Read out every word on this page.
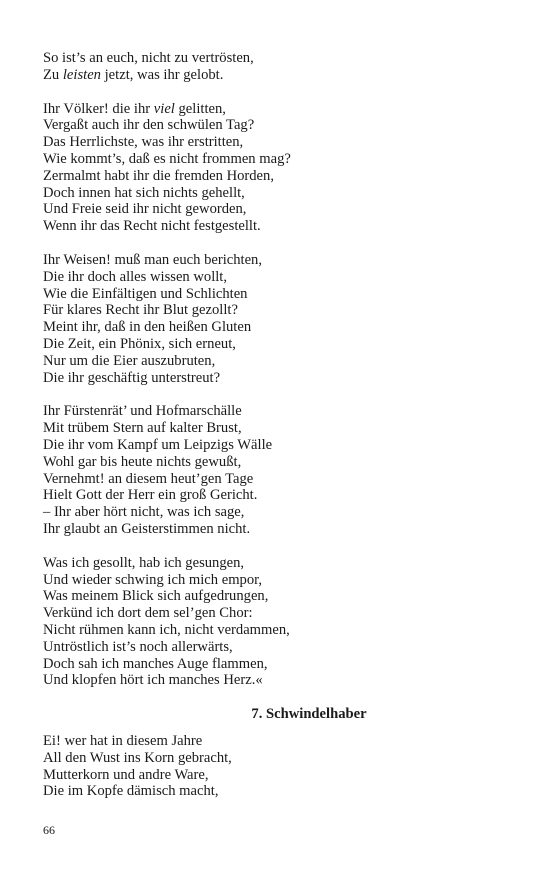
So ist’s an euch, nicht zu vertrösten,
Zu leisten jetzt, was ihr gelobt.
Ihr Völker! die ihr viel gelitten,
Vergaßt auch ihr den schwülen Tag?
Das Herrlichste, was ihr erstritten,
Wie kommt’s, daß es nicht frommen mag?
Zermalmt habt ihr die fremden Horden,
Doch innen hat sich nichts gehellt,
Und Freie seid ihr nicht geworden,
Wenn ihr das Recht nicht festgestellt.
Ihr Weisen! muß man euch berichten,
Die ihr doch alles wissen wollt,
Wie die Einfältigen und Schlichten
Für klares Recht ihr Blut gezollt?
Meint ihr, daß in den heißen Gluten
Die Zeit, ein Phönix, sich erneut,
Nur um die Eier auszubruten,
Die ihr geschäftig unterstreut?
Ihr Fürstenrät’ und Hofmarschälle
Mit trübem Stern auf kalter Brust,
Die ihr vom Kampf um Leipzigs Wälle
Wohl gar bis heute nichts gewußt,
Vernehmt! an diesem heut’gen Tage
Hielt Gott der Herr ein groß Gericht.
– Ihr aber hört nicht, was ich sage,
Ihr glaubt an Geisterstimmen nicht.
Was ich gesollt, hab ich gesungen,
Und wieder schwing ich mich empor,
Was meinem Blick sich aufgedrungen,
Verkünd ich dort dem sel’gen Chor:
Nicht rühmen kann ich, nicht verdammen,
Untröstlich ist’s noch allerwärts,
Doch sah ich manches Auge flammen,
Und klopfen hört ich manches Herz.«
7. Schwindelhaber
Ei! wer hat in diesem Jahre
All den Wust ins Korn gebracht,
Mutterkorn und andre Ware,
Die im Kopfe dämisch macht,
66
